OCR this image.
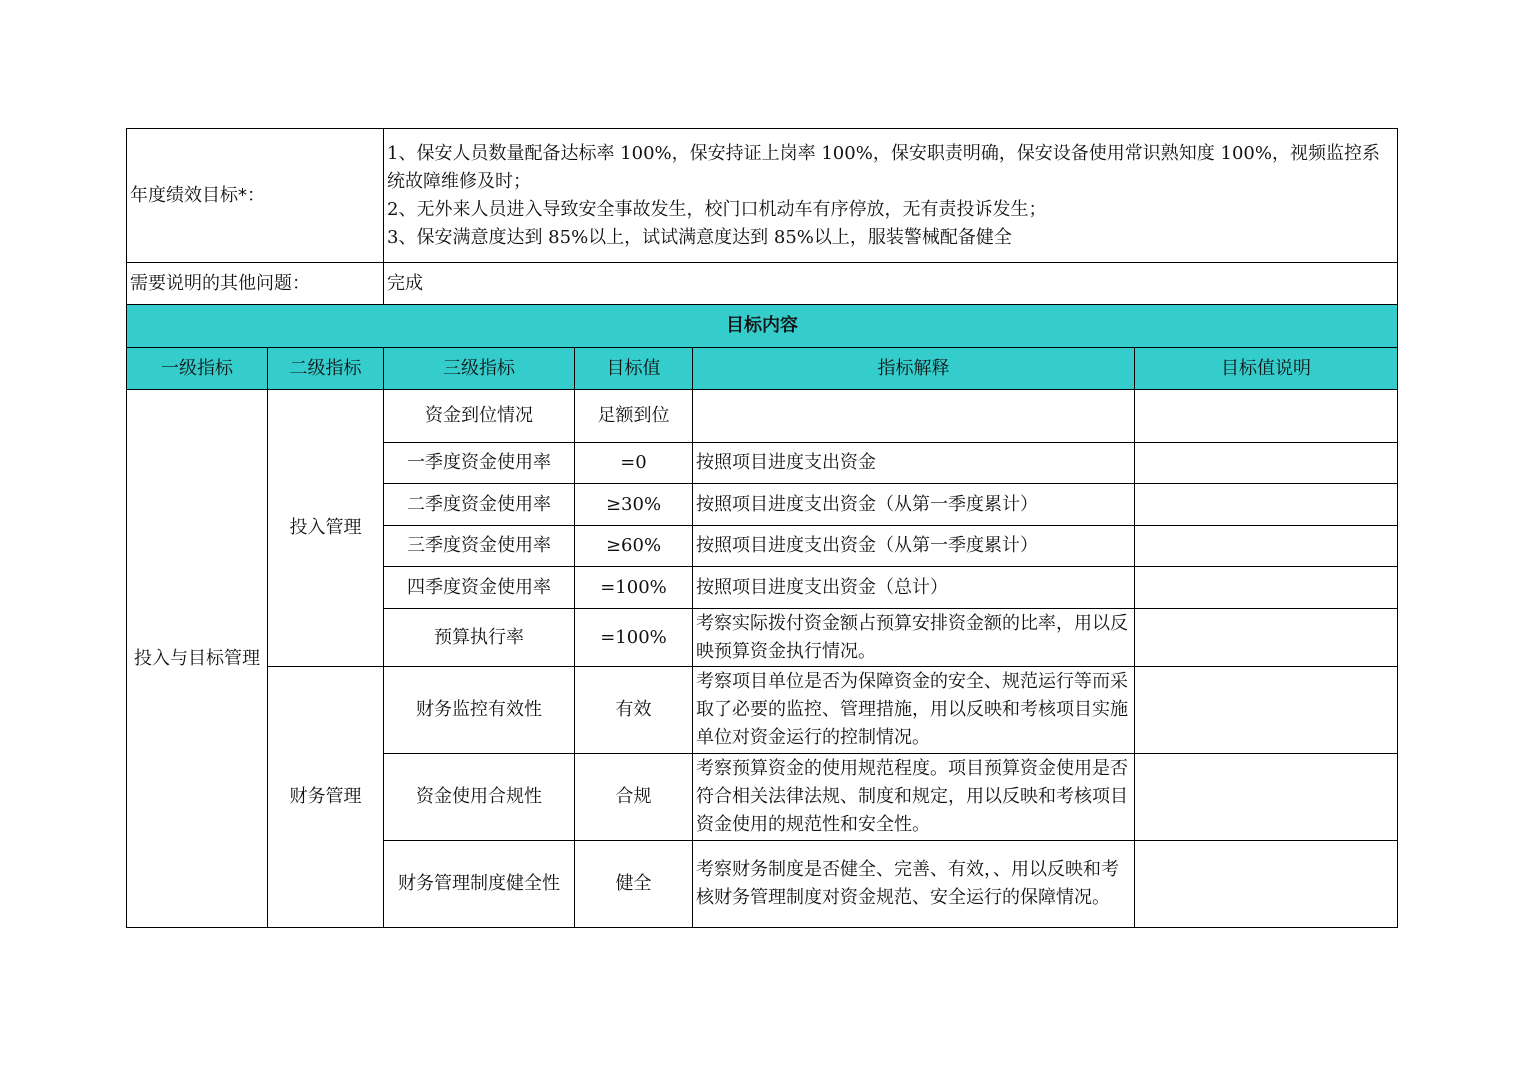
年度绩效目标*：		1、保安人员数量配备达标率 100%，保安持证上岗率 100%，保安职责明确，保安设备使用常识熟知度 100%，视频监控系统故障维修及时；
2、无外来人员进入导致安全事故发生，校门口机动车有序停放，无有责投诉发生；
3、保安满意度达到 85%以上，试试满意度达到 85%以上，服装警械配备健全			

需要说明的其他问题：		完成			
目标内容					
一级指标	二级指标	三级指标	目标值	指标解释	目标值说明
投入与目标管理	投入管理	资金到位情况	足额到位		
		一季度资金使用率	=0	按照项目进度支出资金	
		二季度资金使用率	≥30%	按照项目进度支出资金（从第一季度累计）	
		三季度资金使用率	≥60%	按照项目进度支出资金（从第一季度累计）	
		四季度资金使用率	=100%	按照项目进度支出资金（总计）	
		预算执行率	=100%	考察实际拨付资金额占预算安排资金额的比率，用以反映预算资金执行情况。	
	财务管理	财务监控有效性	有效	考察项目单位是否为保障资金的安全、规范运行等而采取了必要的监控、管理措施，用以反映和考核项目实施单位对资金运行的控制情况。	
		资金使用合规性	合规	考察预算资金的使用规范程度。项目预算资金使用是否符合相关法律法规、制度和规定，用以反映和考核项目资金使用的规范性和安全性。	
		财务管理制度健全性	健全	考察财务制度是否健全、完善、有效，、用以反映和考核财务管理制度对资金规范、安全运行的保障情况。	
